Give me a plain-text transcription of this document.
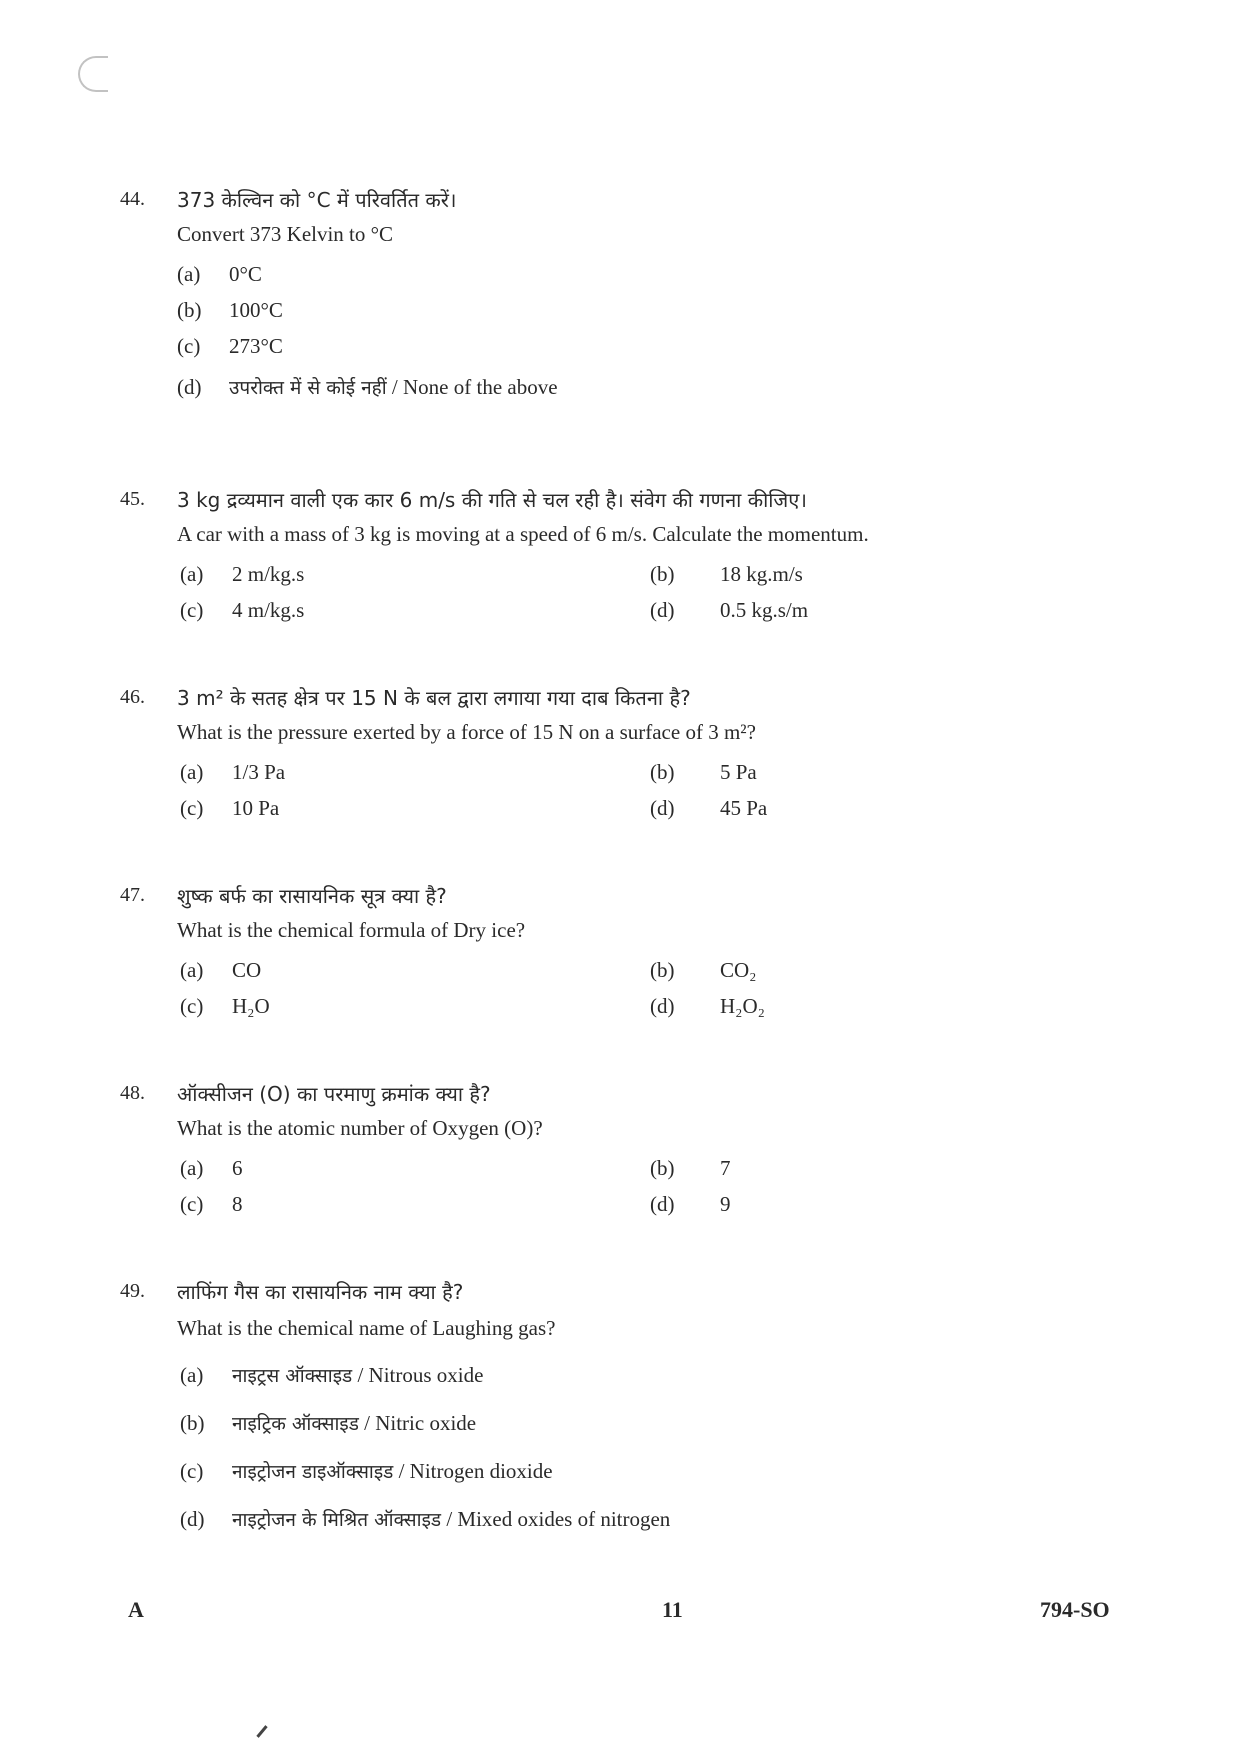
44. 373 केल्विन को °C में परिवर्तित करें।
Convert 373 Kelvin to °C
(a) 0°C
(b) 100°C
(c) 273°C
(d) उपरोक्त में से कोई नहीं / None of the above
45. 3 kg द्रव्यमान वाली एक कार 6 m/s की गति से चल रही है। संवेग की गणना कीजिए।
A car with a mass of 3 kg is moving at a speed of 6 m/s. Calculate the momentum.
(a) 2 m/kg.s	(b) 18 kg.m/s
(c) 4 m/kg.s	(d) 0.5 kg.s/m
46. 3 m² के सतह क्षेत्र पर 15 N के बल द्वारा लगाया गया दाब कितना है?
What is the pressure exerted by a force of 15 N on a surface of 3 m²?
(a) 1/3 Pa	(b) 5 Pa
(c) 10 Pa	(d) 45 Pa
47. शुष्क बर्फ का रासायनिक सूत्र क्या है?
What is the chemical formula of Dry ice?
(a) CO	(b) CO₂
(c) H₂O	(d) H₂O₂
48. ऑक्सीजन (O) का परमाणु क्रमांक क्या है?
What is the atomic number of Oxygen (O)?
(a) 6	(b) 7
(c) 8	(d) 9
49. लाफिंग गैस का रासायनिक नाम क्या है?
What is the chemical name of Laughing gas?
(a) नाइट्रस ऑक्साइड / Nitrous oxide
(b) नाइट्रिक ऑक्साइड / Nitric oxide
(c) नाइट्रोजन डाइऑक्साइड / Nitrogen dioxide
(d) नाइट्रोजन के मिश्रित ऑक्साइड / Mixed oxides of nitrogen
A	11	794-SO
